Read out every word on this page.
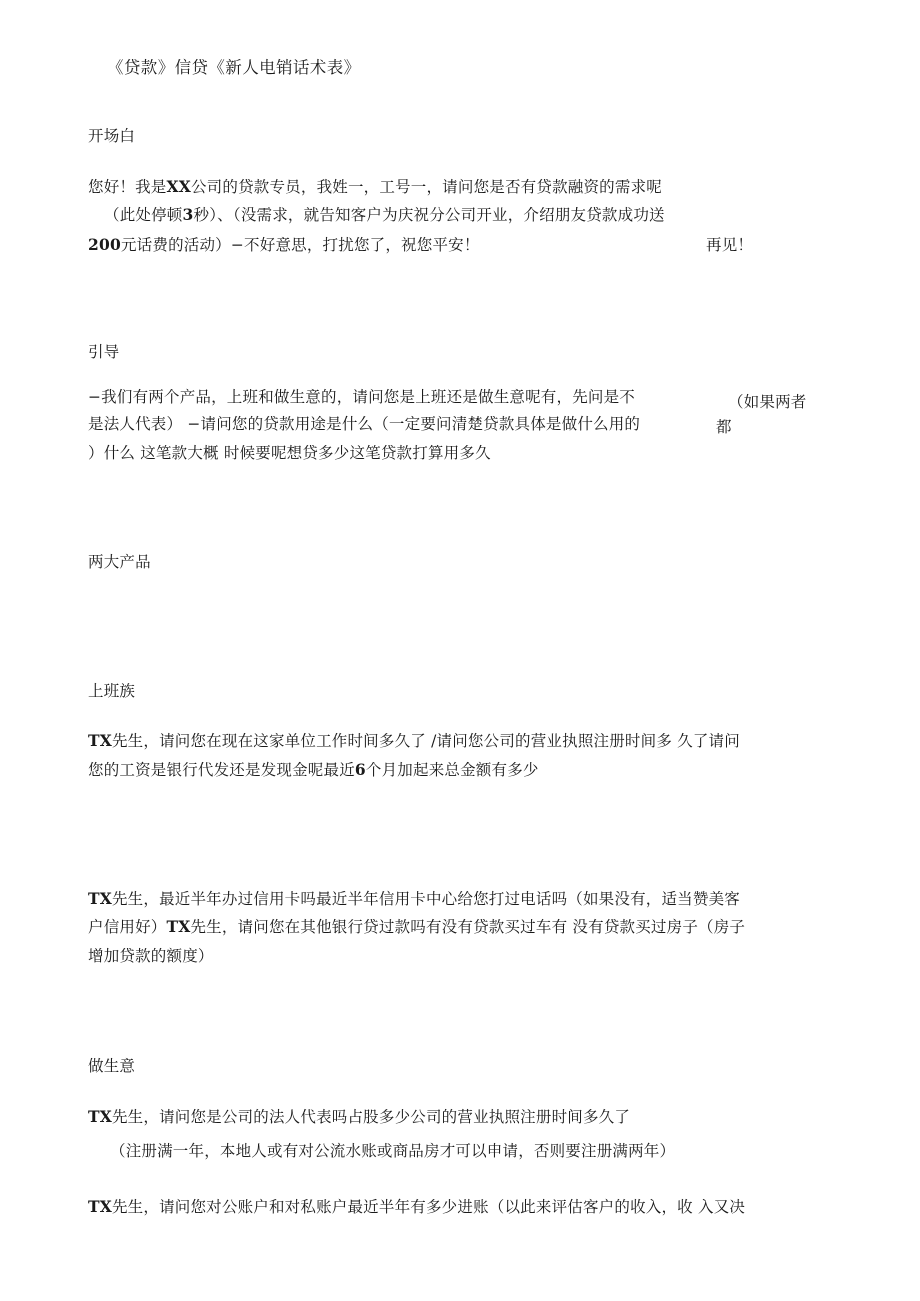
《贷款》信贷《新人电销话术表》
开场白
您好！我是XX公司的贷款专员，我姓一，工号一，请问您是否有贷款融资的需求呢
（此处停顿3秒）、（没需求，就告知客户为庆祝分公司开业，介绍朋友贷款成功送
200元话费的活动）−不好意思，打扰您了，祝您平安！	再见！
引导
−我们有两个产品，上班和做生意的，请问您是上班还是做生意呢有，先问是不	（如果两者
是法人代表） −请问您的贷款用途是什么（一定要问清楚贷款具体是做什么用的	都
）什么 这笔款大概 时候要呢想贷多少这笔贷款打算用多久
两大产品
上班族
TX先生，请问您在现在这家单位工作时间多久了 /请问您公司的营业执照注册时间多 久了请问
您的工资是银行代发还是发现金呢最近6个月加起来总金额有多少
TX先生，最近半年办过信用卡吗最近半年信用卡中心给您打过电话吗（如果没有，适当赞美客
户信用好）TX先生，请问您在其他银行贷过款吗有没有贷款买过车有 没有贷款买过房子（房子
增加贷款的额度）
做生意
TX先生，请问您是公司的法人代表吗占股多少公司的营业执照注册时间多久了
（注册满一年，本地人或有对公流水账或商品房才可以申请，否则要注册满两年）
TX先生，请问您对公账户和对私账户最近半年有多少进账（以此来评估客户的收入，收 入又决
